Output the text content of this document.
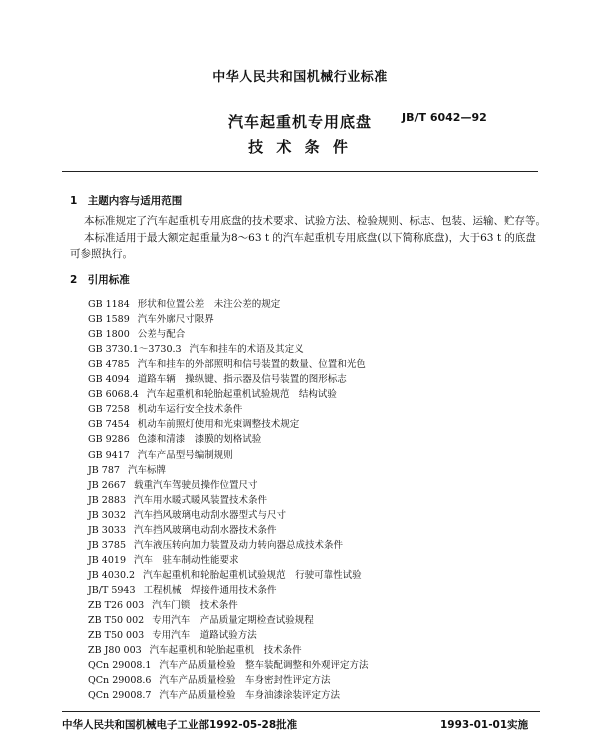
中华人民共和国机械行业标准
汽车起重机专用底盘
技 术 条 件
JB/T 6042—92
1　主题内容与适用范围
本标准规定了汽车起重机专用底盘的技术要求、试验方法、检验规则、标志、包装、运输、贮存等。
本标准适用于最大额定起重量为8～63 t 的汽车起重机专用底盘(以下简称底盘)，大于63 t 的底盘可参照执行。
2　引用标准
GB 1184 形状和位置公差　未注公差的规定
GB 1589 汽车外廓尺寸限界
GB 1800 公差与配合
GB 3730.1～3730.3 汽车和挂车的术语及其定义
GB 4785 汽车和挂车的外部照明和信号装置的数量、位置和光色
GB 4094 道路车辆　操纵键、指示器及信号装置的图形标志
GB 6068.4 汽车起重机和轮胎起重机试验规范　结构试验
GB 7258 机动车运行安全技术条件
GB 7454 机动车前照灯使用和光束调整技术规定
GB 9286 色漆和清漆　漆膜的划格试验
GB 9417 汽车产品型号编制规则
JB 787 汽车标牌
JB 2667 载重汽车驾驶员操作位置尺寸
JB 2883 汽车用水暖式暖风装置技术条件
JB 3032 汽车挡风玻璃电动刮水器型式与尺寸
JB 3033 汽车挡风玻璃电动刮水器技术条件
JB 3785 汽车液压转向加力装置及动力转向器总成技术条件
JB 4019 汽车　驻车制动性能要求
JB 4030.2 汽车起重机和轮胎起重机试验规范　行驶可靠性试验
JB/T 5943 工程机械　焊接件通用技术条件
ZB T26 003 汽车门锁　技术条件
ZB T50 002 专用汽车　产品质量定期检查试验规程
ZB T50 003 专用汽车　道路试验方法
ZB J80 003 汽车起重机和轮胎起重机　技术条件
QCn 29008.1 汽车产品质量检验　整车装配调整和外观评定方法
QCn 29008.6 汽车产品质量检验　车身密封性评定方法
QCn 29008.7 汽车产品质量检验　车身油漆涂装评定方法
中华人民共和国机械电子工业部1992-05-28批准	1993-01-01实施
